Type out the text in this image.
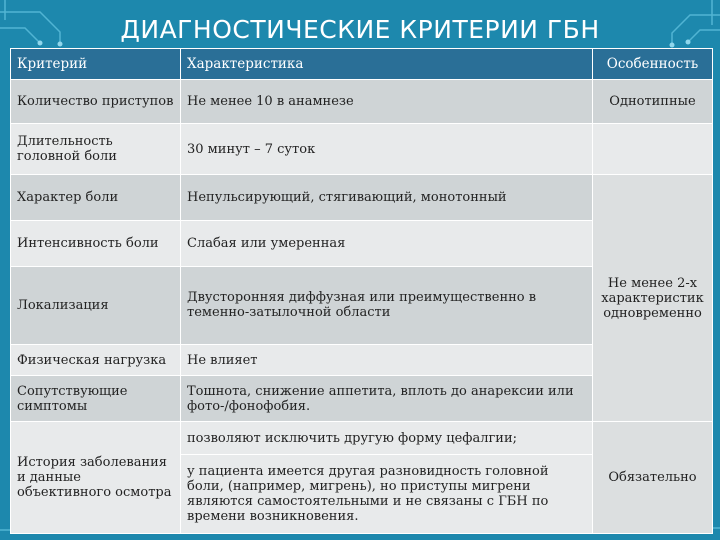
ДИАГНОСТИЧЕСКИЕ КРИТЕРИИ ГБН
Критерий	Характеристика	Особенность
Количество приступов	Не менее 10 в анамнезе	Однотипные
Длительность головной боли	30 минут – 7 суток	
Характер боли	Непульсирующий, стягивающий, монотонный	Не менее 2-х характеристик одновременно
Интенсивность боли	Слабая или умеренная	
Локализация	Двусторонняя диффузная или преимущественно в теменно-затылочной области	
Физическая нагрузка	Не влияет	
Сопутствующие симптомы	Тошнота, снижение аппетита, вплоть до анарексии или фото-/фонофобия.	
История заболевания и данные объективного осмотра	позволяют исключить другую форму цефалгии;	Обязательно
	у пациента имеется другая разновидность головной боли, (например, мигрень), но приступы мигрени являются самостоятельными и не связаны с ГБН по времени возникновения.	
